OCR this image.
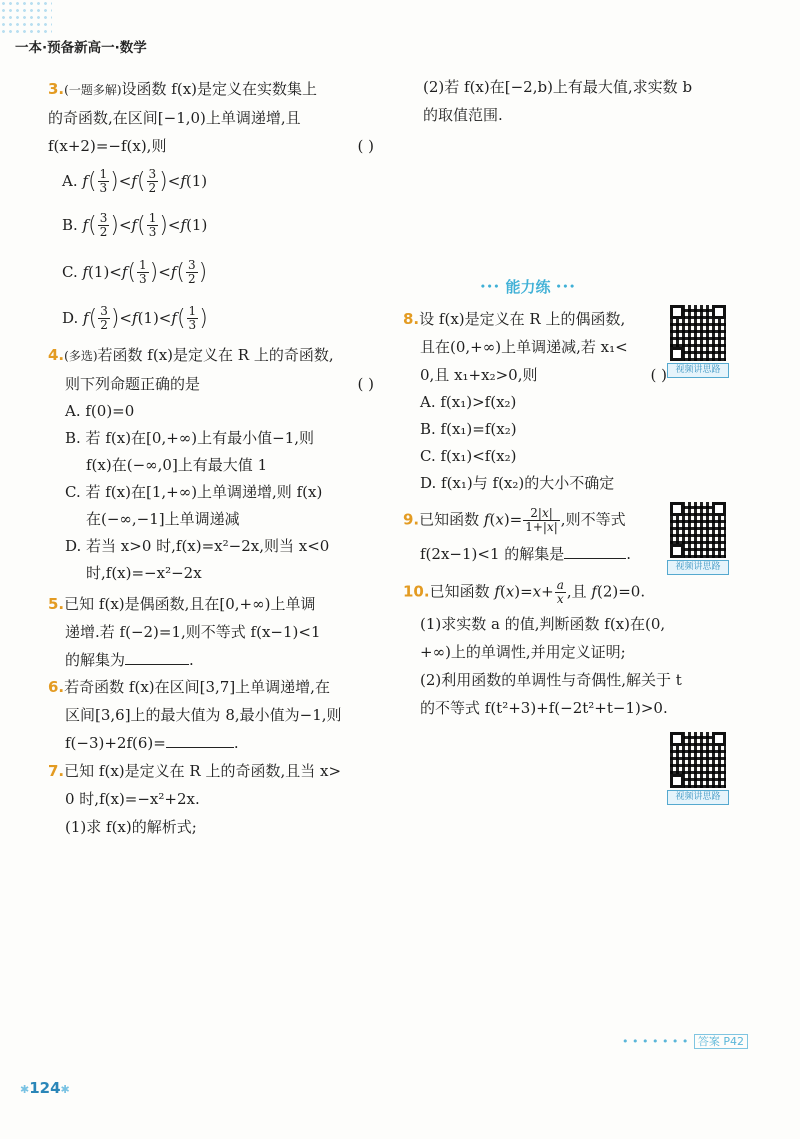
一本·预备新高一·数学

3.(一题多解)设函数 f(x)是定义在实数集上

的奇函数,在区间[−1,0)上单调递增,且

f(x+2)=−f(x),则	( )

A. $f( \frac{1}{3} )<f( \frac{3}{2} )<f(1)$
B. $f( \frac{3}{2} )<f( \frac{1}{3} )<f(1)$
C. $f(1)<f( \frac{1}{3} )<f( \frac{3}{2}$ )
D. $f( \frac{3}{2} )<f(1)<f( \frac{1}{3}$ )

4.(多选)若函数 f(x)是定义在 R 上的奇函数,

则下列命题正确的是	( )

A. f(0)=0

B. 若 f(x)在[0,+∞)上有最小值−1,则

f(x)在(−∞,0]上有最大值 1

C. 若 f(x)在[1,+∞)上单调递增,则 f(x)

在(−∞,−1]上单调递减

D. 若当 x>0 时,f(x)=x²−2x,则当 x<0

时,f(x)=−x²−2x

5.已知 f(x)是偶函数,且在[0,+∞)上单调

递增.若 f(−2)=1,则不等式 f(x−1)<1

的解集为	.

6.若奇函数 f(x)在区间[3,7]上单调递增,在

区间[3,6]上的最大值为 8,最小值为−1,则

f(−3)+2f(6)=	.

7.已知 f(x)是定义在 R 上的奇函数,且当 x>

0 时,f(x)=−x²+2x.

(1)求 f(x)的解析式;

(2)若 f(x)在[−2,b)上有最大值,求实数 b

的取值范围.

8.设 f(x)是定义在 R 上的偶函数,

且在(0,+∞)上单调递减,若 x₁<

0,且 x₁+x₂>0,则	( )

A. f(x₁)>f(x₂)

B. f(x₁)=f(x₂)

C. f(x₁)<f(x₂)

D. f(x₁)与 f(x₂)的大小不确定

9.已知函数 $f(x)= \frac{2|x|}{1+|x|}$ ,则不等式

f(2x−1)<1 的解集是	.

10.已知函数 $f(x)=x+ \frac{a}{x}$ ,且 f(2)=0.

(1)求实数 a 的值,判断函数 f(x)在(0,

+∞)上的单调性,并用定义证明;

(2)利用函数的单调性与奇偶性,解关于 t

的不等式 f(t²+3)+f(−2t²+t−1)>0.

••• 能力练 •••
视频讲思路
视频讲思路
视频讲思路
• • • • • • • 答案 P42
✱124✱
